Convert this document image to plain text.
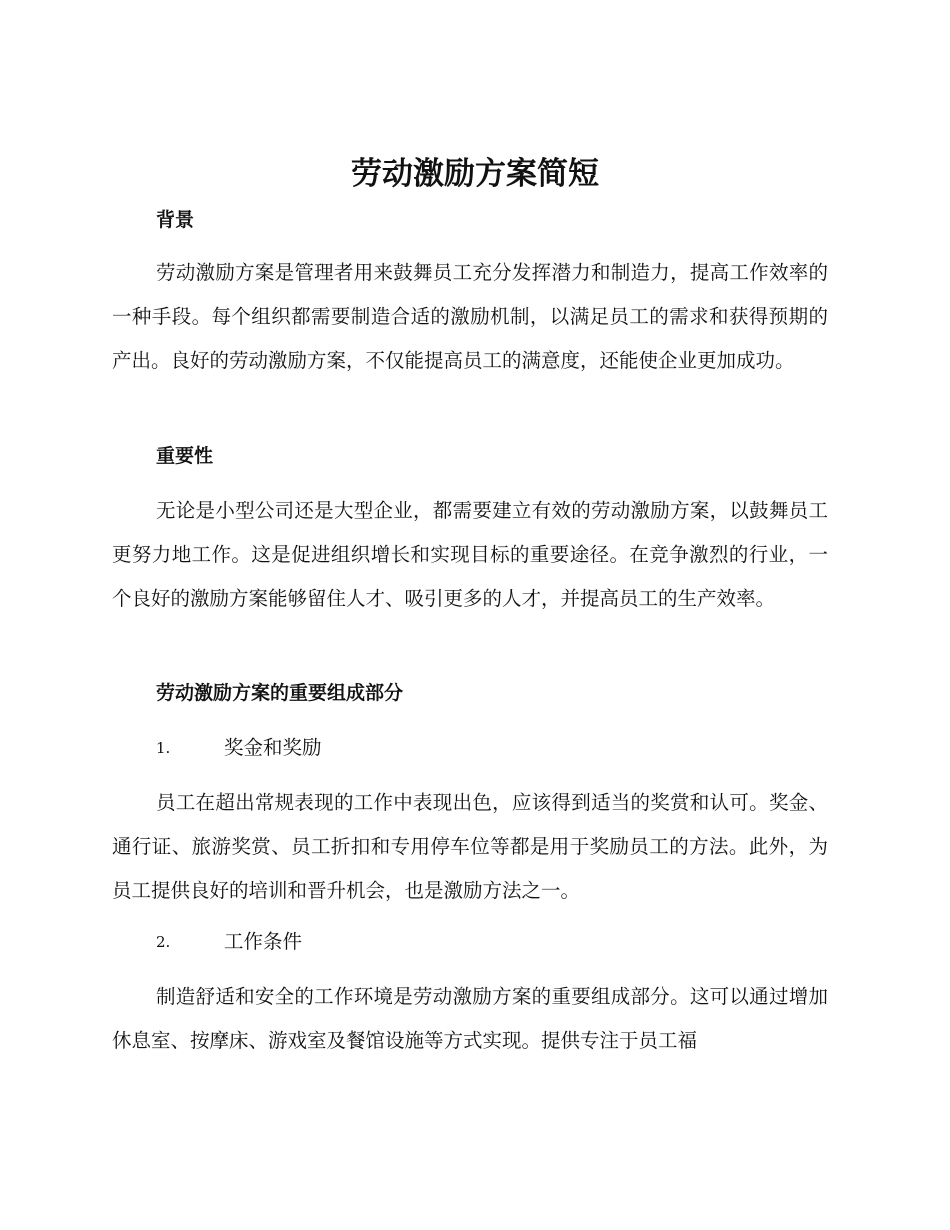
劳动激励方案简短
背景

劳动激励方案是管理者用来鼓舞员工充分发挥潜力和制造力，提高工作效率的一种手段。每个组织都需要制造合适的激励机制，以满足员工的需求和获得预期的产出。良好的劳动激励方案，不仅能提高员工的满意度，还能使企业更加成功。

重要性

无论是小型公司还是大型企业，都需要建立有效的劳动激励方案，以鼓舞员工更努力地工作。这是促进组织增长和实现目标的重要途径。在竞争激烈的行业，一个良好的激励方案能够留住人才、吸引更多的人才，并提高员工的生产效率。

劳动激励方案的重要组成部分
1.	奖金和奖励

员工在超出常规表现的工作中表现出色，应该得到适当的奖赏和认可。奖金、通行证、旅游奖赏、员工折扣和专用停车位等都是用于奖励员工的方法。此外，为员工提供良好的培训和晋升机会，也是激励方法之一。

2.	工作条件

制造舒适和安全的工作环境是劳动激励方案的重要组成部分。这可以通过增加休息室、按摩床、游戏室及餐馆设施等方式实现。提供专注于员工福
